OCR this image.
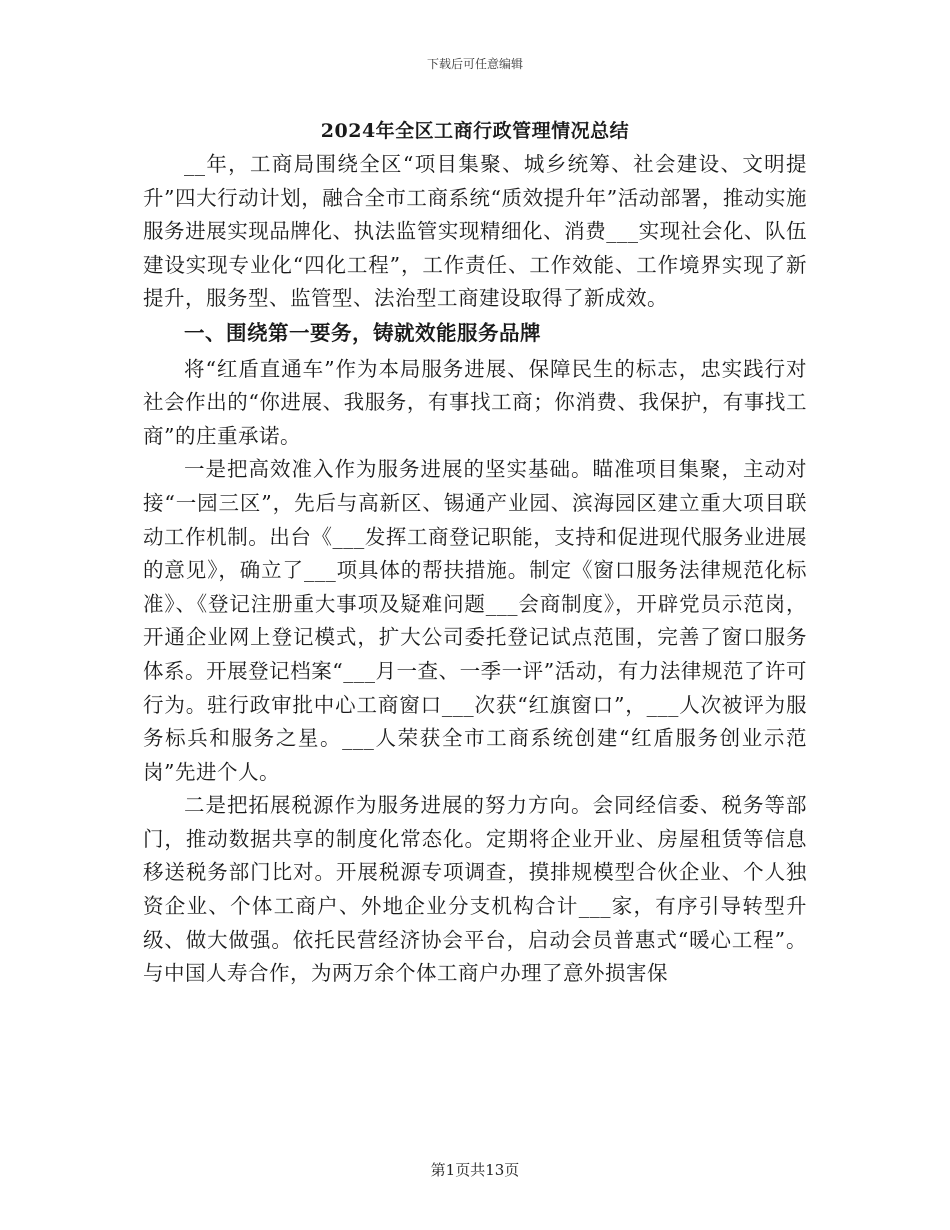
下载后可任意编辑
2024年全区工商行政管理情况总结

__年，工商局围绕全区“项目集聚、城乡统筹、社会建设、文明提升”四大行动计划，融合全市工商系统“质效提升年”活动部署，推动实施服务进展实现品牌化、执法监管实现精细化、消费___实现社会化、队伍建设实现专业化“四化工程”，工作责任、工作效能、工作境界实现了新提升，服务型、监管型、法治型工商建设取得了新成效。

一、围绕第一要务，铸就效能服务品牌

将“红盾直通车”作为本局服务进展、保障民生的标志，忠实践行对社会作出的“你进展、我服务，有事找工商；你消费、我保护，有事找工商”的庄重承诺。

一是把高效准入作为服务进展的坚实基础。瞄准项目集聚，主动对接“一园三区”，先后与高新区、锡通产业园、滨海园区建立重大项目联动工作机制。出台《___发挥工商登记职能，支持和促进现代服务业进展的意见》，确立了___项具体的帮扶措施。制定《窗口服务法律规范化标准》、《登记注册重大事项及疑难问题___会商制度》，开辟党员示范岗，开通企业网上登记模式，扩大公司委托登记试点范围，完善了窗口服务体系。开展登记档案“___月一查、一季一评”活动，有力法律规范了许可行为。驻行政审批中心工商窗口___次获“红旗窗口”，___人次被评为服务标兵和服务之星。___人荣获全市工商系统创建“红盾服务创业示范岗”先进个人。

二是把拓展税源作为服务进展的努力方向。会同经信委、税务等部门，推动数据共享的制度化常态化。定期将企业开业、房屋租赁等信息移送税务部门比对。开展税源专项调查，摸排规模型合伙企业、个人独资企业、个体工商户、外地企业分支机构合计___家，有序引导转型升级、做大做强。依托民营经济协会平台，启动会员普惠式“暖心工程”。与中国人寿合作，为两万余个体工商户办理了意外损害保

第1页共13页
